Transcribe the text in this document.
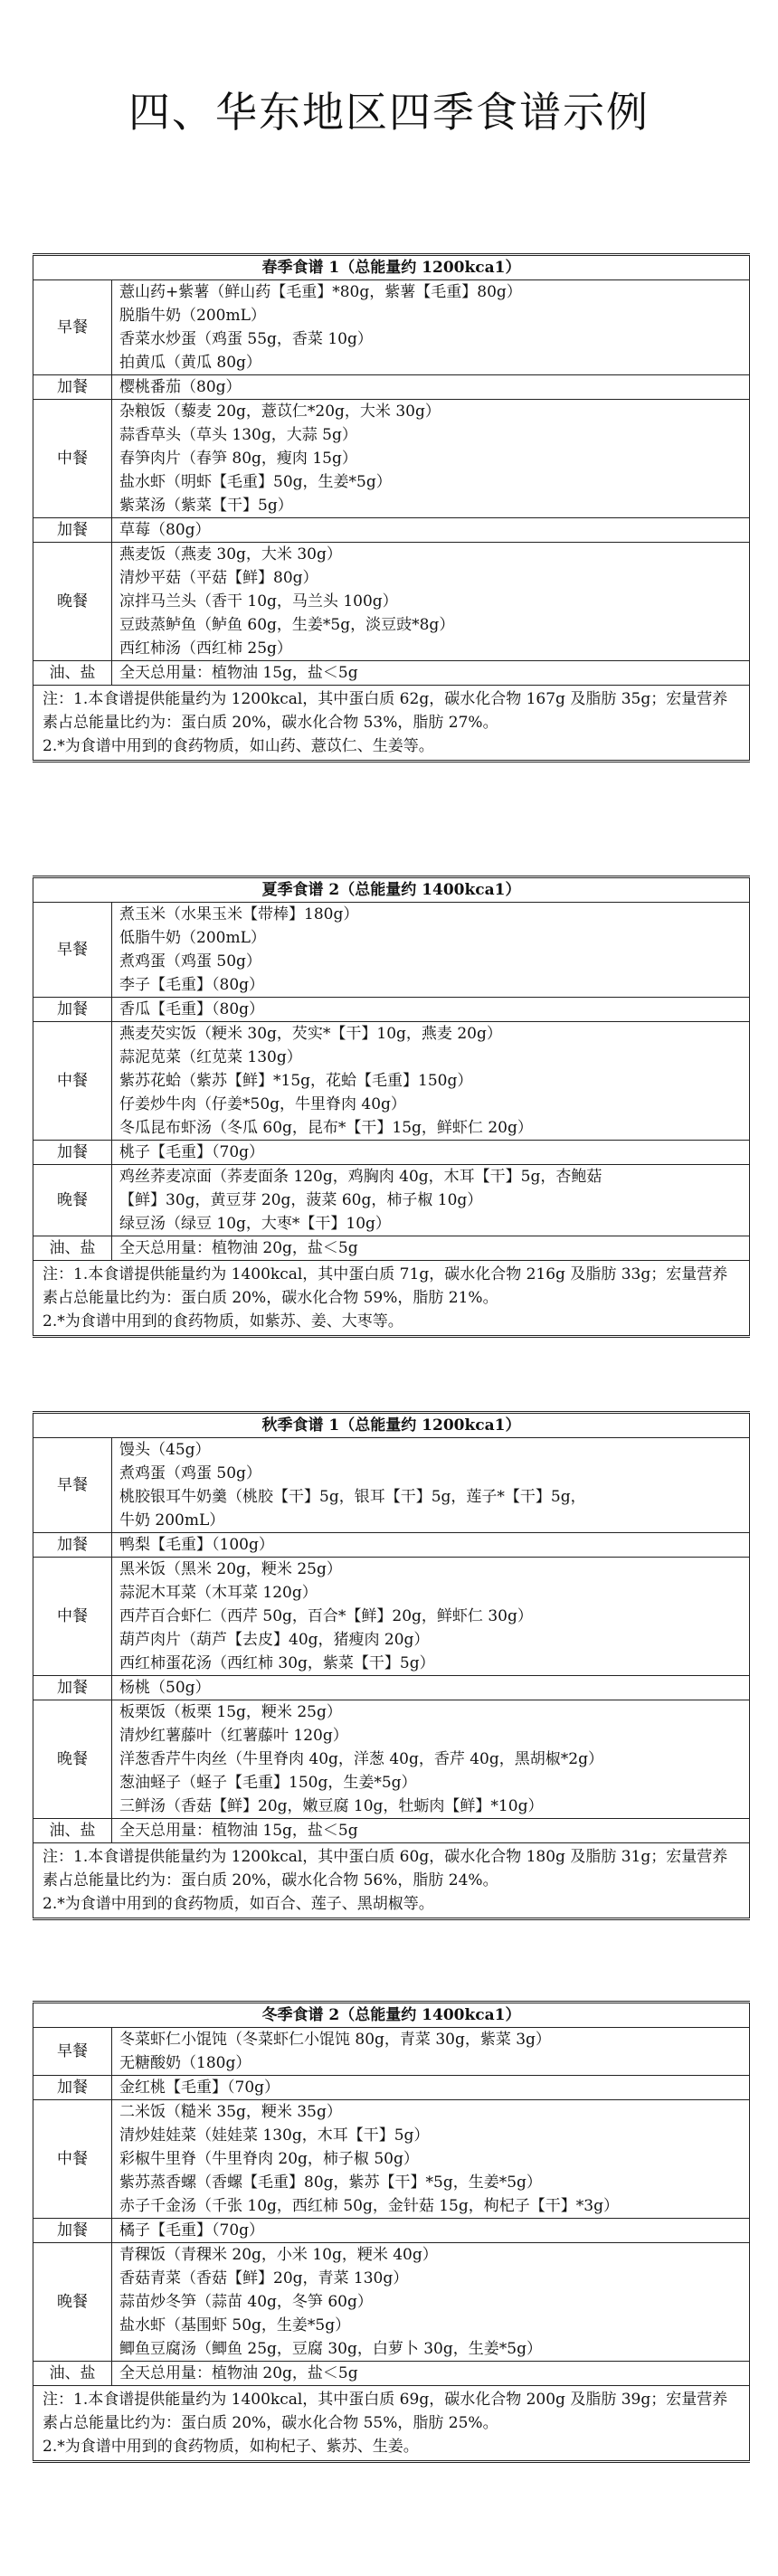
四、华东地区四季食谱示例
春季食谱 1（总能量约 1200kca1）	
早餐	薏山药+紫薯（鲜山药【毛重】*80g，紫薯【毛重】80g）
脱脂牛奶（200mL）
香菜水炒蛋（鸡蛋 55g，香菜 10g）
拍黄瓜（黄瓜 80g）

加餐	樱桃番茄（80g）

中餐	杂粮饭（藜麦 20g，薏苡仁*20g，大米 30g）
蒜香草头（草头 130g，大蒜 5g）
春笋肉片（春笋 80g，瘦肉 15g）
盐水虾（明虾【毛重】50g，生姜*5g）
紫菜汤（紫菜【干】5g）

加餐	草莓（80g）

晚餐	燕麦饭（燕麦 30g，大米 30g）
清炒平菇（平菇【鲜】80g）
凉拌马兰头（香干 10g，马兰头 100g）
豆豉蒸鲈鱼（鲈鱼 60g，生姜*5g，淡豆豉*8g）
西红柿汤（西红柿 25g）

油、盐	全天总用量：植物油 15g，盐＜5g

注：1.本食谱提供能量约为 1200kcal，其中蛋白质 62g，碳水化合物 167g 及脂肪 35g；宏量营养素占总能量比约为：蛋白质 20%，碳水化合物 53%，脂肪 27%。
2.*为食谱中用到的食药物质，如山药、薏苡仁、生姜等。	
夏季食谱 2（总能量约 1400kca1）	
早餐	煮玉米（水果玉米【带棒】180g）
低脂牛奶（200mL）
煮鸡蛋（鸡蛋 50g）
李子【毛重】（80g）

加餐	香瓜【毛重】（80g）

中餐	燕麦芡实饭（粳米 30g，芡实*【干】10g，燕麦 20g）
蒜泥苋菜（红苋菜 130g）
紫苏花蛤（紫苏【鲜】*15g，花蛤【毛重】150g）
仔姜炒牛肉（仔姜*50g，牛里脊肉 40g）
冬瓜昆布虾汤（冬瓜 60g，昆布*【干】15g，鲜虾仁 20g）

加餐	桃子【毛重】（70g）

晚餐	鸡丝荞麦凉面（荞麦面条 120g，鸡胸肉 40g，木耳【干】5g，杏鲍菇
【鲜】30g，黄豆芽 20g，菠菜 60g，柿子椒 10g）
绿豆汤（绿豆 10g，大枣*【干】10g）

油、盐	全天总用量：植物油 20g，盐＜5g

注：1.本食谱提供能量约为 1400kcal，其中蛋白质 71g，碳水化合物 216g 及脂肪 33g；宏量营养素占总能量比约为：蛋白质 20%，碳水化合物 59%，脂肪 21%。
2.*为食谱中用到的食药物质，如紫苏、姜、大枣等。	
秋季食谱 1（总能量约 1200kca1）	
早餐	馒头（45g）
煮鸡蛋（鸡蛋 50g）
桃胶银耳牛奶羹（桃胶【干】5g，银耳【干】5g，莲子*【干】5g，
牛奶 200mL）

加餐	鸭梨【毛重】（100g）

中餐	黑米饭（黑米 20g，粳米 25g）
蒜泥木耳菜（木耳菜 120g）
西芹百合虾仁（西芹 50g，百合*【鲜】20g，鲜虾仁 30g）
葫芦肉片（葫芦【去皮】40g，猪瘦肉 20g）
西红柿蛋花汤（西红柿 30g，紫菜【干】5g）

加餐	杨桃（50g）

晚餐	板栗饭（板栗 15g，粳米 25g）
清炒红薯藤叶（红薯藤叶 120g）
洋葱香芹牛肉丝（牛里脊肉 40g，洋葱 40g，香芹 40g，黑胡椒*2g）
葱油蛏子（蛏子【毛重】150g，生姜*5g）
三鲜汤（香菇【鲜】20g，嫩豆腐 10g，牡蛎肉【鲜】*10g）

油、盐	全天总用量：植物油 15g，盐＜5g

注：1.本食谱提供能量约为 1200kcal，其中蛋白质 60g，碳水化合物 180g 及脂肪 31g；宏量营养素占总能量比约为：蛋白质 20%，碳水化合物 56%，脂肪 24%。
2.*为食谱中用到的食药物质，如百合、莲子、黑胡椒等。	
冬季食谱 2（总能量约 1400kca1）	
早餐	冬菜虾仁小馄饨（冬菜虾仁小馄饨 80g，青菜 30g，紫菜 3g）
无糖酸奶（180g）

加餐	金红桃【毛重】（70g）

中餐	二米饭（糙米 35g，粳米 35g）
清炒娃娃菜（娃娃菜 130g，木耳【干】5g）
彩椒牛里脊（牛里脊肉 20g，柿子椒 50g）
紫苏蒸香螺（香螺【毛重】80g，紫苏【干】*5g，生姜*5g）
赤子千金汤（千张 10g，西红柿 50g，金针菇 15g，枸杞子【干】*3g）

加餐	橘子【毛重】（70g）

晚餐	青稞饭（青稞米 20g，小米 10g，粳米 40g）
香菇青菜（香菇【鲜】20g，青菜 130g）
蒜苗炒冬笋（蒜苗 40g，冬笋 60g）
盐水虾（基围虾 50g，生姜*5g）
鲫鱼豆腐汤（鲫鱼 25g，豆腐 30g，白萝卜 30g，生姜*5g）

油、盐	全天总用量：植物油 20g，盐＜5g

注：1.本食谱提供能量约为 1400kcal，其中蛋白质 69g，碳水化合物 200g 及脂肪 39g；宏量营养素占总能量比约为：蛋白质 20%，碳水化合物 55%，脂肪 25%。
2.*为食谱中用到的食药物质，如枸杞子、紫苏、生姜。	
